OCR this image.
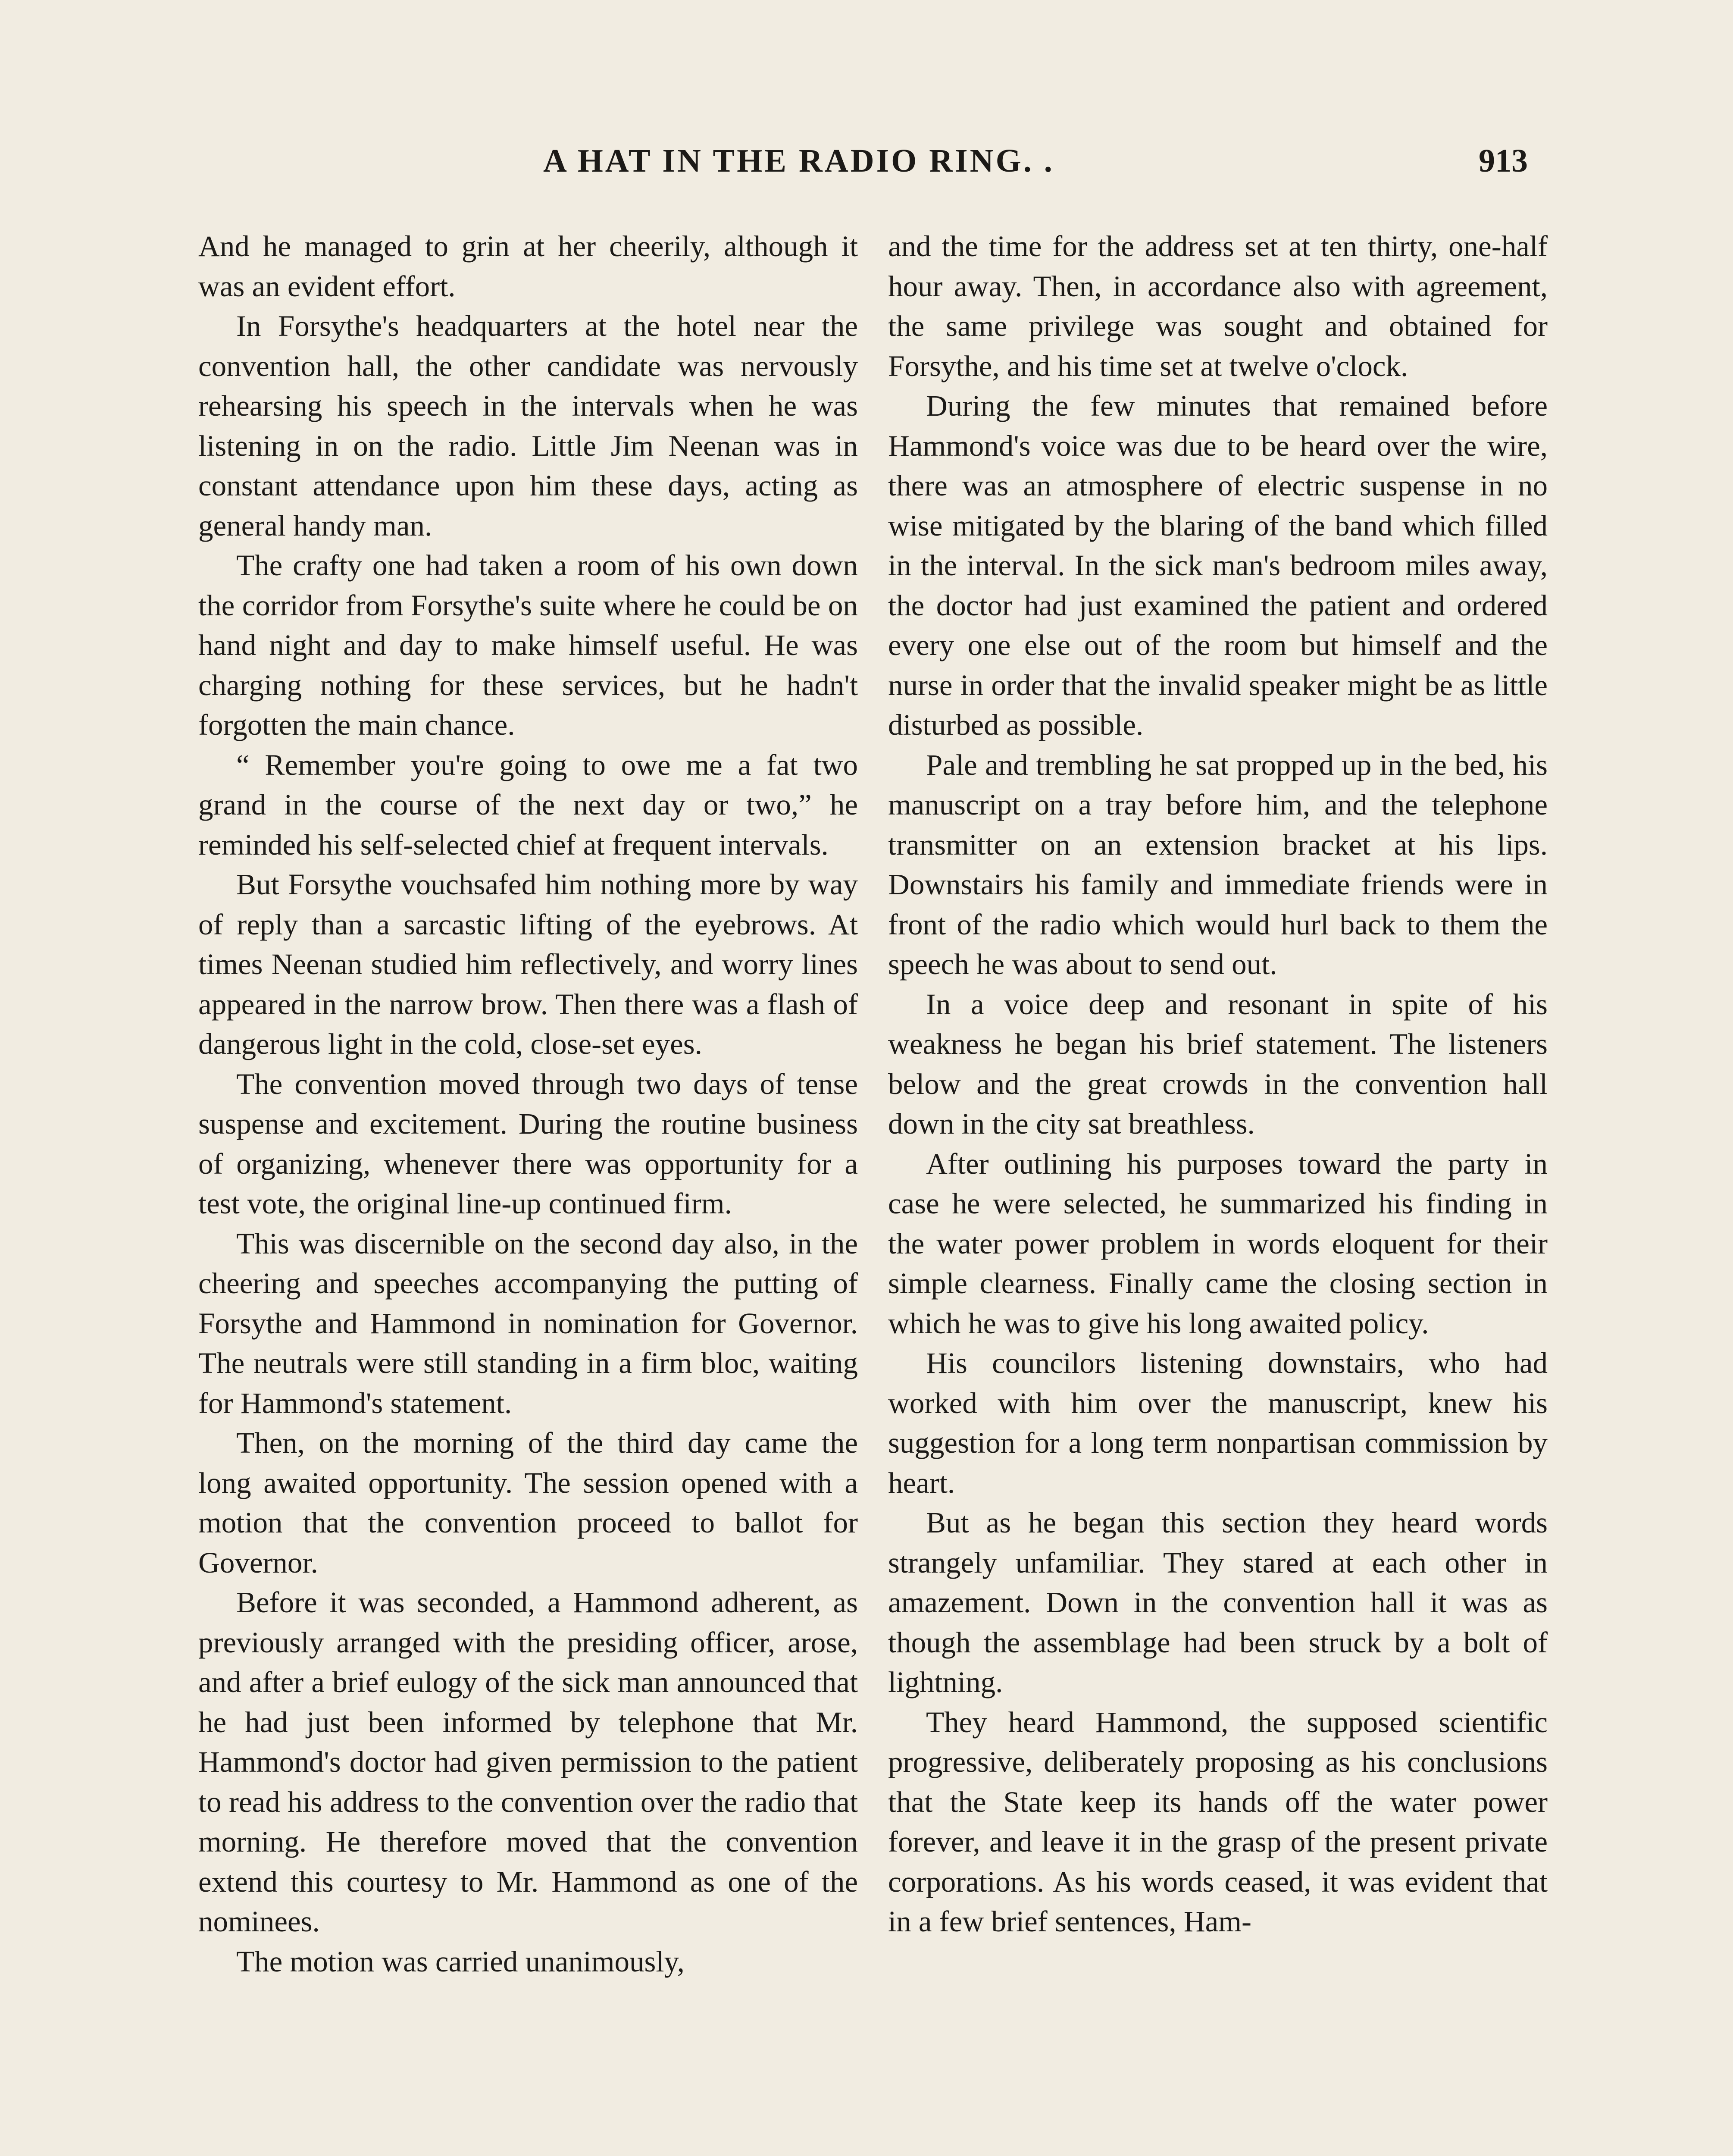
A HAT IN THE RADIO RING. .	913

And he managed to grin at her cheerily, although it was an evident effort.

In Forsythe's headquarters at the hotel near the convention hall, the other candidate was nervously rehearsing his speech in the intervals when he was listening in on the radio. Little Jim Neenan was in constant attendance upon him these days, acting as general handy man.

The crafty one had taken a room of his own down the corridor from Forsythe's suite where he could be on hand night and day to make himself useful. He was charging nothing for these services, but he hadn't forgotten the main chance.

“ Remember you're going to owe me a fat two grand in the course of the next day or two,” he reminded his self-selected chief at frequent intervals.

But Forsythe vouchsafed him nothing more by way of reply than a sarcastic lifting of the eyebrows. At times Neenan studied him reflectively, and worry lines appeared in the narrow brow. Then there was a flash of dangerous light in the cold, close-set eyes.

The convention moved through two days of tense suspense and excitement. During the routine business of organizing, whenever there was opportunity for a test vote, the original line-up continued firm.

This was discernible on the second day also, in the cheering and speeches accompanying the putting of Forsythe and Hammond in nomination for Governor. The neutrals were still standing in a firm bloc, waiting for Hammond's statement.

Then, on the morning of the third day came the long awaited opportunity. The session opened with a motion that the convention proceed to ballot for Governor.

Before it was seconded, a Hammond adherent, as previously arranged with the presiding officer, arose, and after a brief eulogy of the sick man announced that he had just been informed by telephone that Mr. Hammond's doctor had given permission to the patient to read his address to the convention over the radio that morning. He therefore moved that the convention extend this courtesy to Mr. Hammond as one of the nominees.

The motion was carried unanimously,

and the time for the address set at ten thirty, one-half hour away. Then, in accordance also with agreement, the same privilege was sought and obtained for Forsythe, and his time set at twelve o'clock.

During the few minutes that remained before Hammond's voice was due to be heard over the wire, there was an atmosphere of electric suspense in no wise mitigated by the blaring of the band which filled in the interval. In the sick man's bedroom miles away, the doctor had just examined the patient and ordered every one else out of the room but himself and the nurse in order that the invalid speaker might be as little disturbed as possible.

Pale and trembling he sat propped up in the bed, his manuscript on a tray before him, and the telephone transmitter on an extension bracket at his lips. Downstairs his family and immediate friends were in front of the radio which would hurl back to them the speech he was about to send out.

In a voice deep and resonant in spite of his weakness he began his brief statement. The listeners below and the great crowds in the convention hall down in the city sat breathless.

After outlining his purposes toward the party in case he were selected, he summarized his finding in the water power problem in words eloquent for their simple clearness. Finally came the closing section in which he was to give his long awaited policy.

His councilors listening downstairs, who had worked with him over the manuscript, knew his suggestion for a long term nonpartisan commission by heart.

But as he began this section they heard words strangely unfamiliar. They stared at each other in amazement. Down in the convention hall it was as though the assemblage had been struck by a bolt of lightning.

They heard Hammond, the supposed scientific progressive, deliberately proposing as his conclusions that the State keep its hands off the water power forever, and leave it in the grasp of the present private corporations. As his words ceased, it was evident that in a few brief sentences, Ham-
